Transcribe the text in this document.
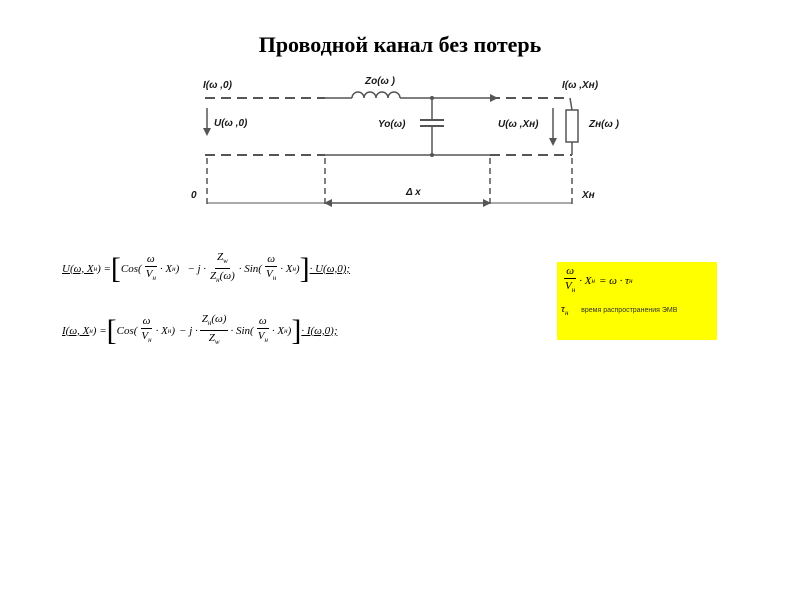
Проводной канал без потерь
I(ω ,0)
U(ω ,0)
Zo(ω )
Yo(ω)
I(ω ,Xн)
U(ω ,Xн)	Zн(ω )
0	Δ x	Xн
U(ω, X н ) = [ $Cos( \frac{\omega}{V_н} \cdot X$ н ) − $j \cdot \frac{Z_w}{Z_н(\omega)} \cdot Sin( \frac{\omega}{V_н} \cdot X$ н ) ] · U(ω,0);
I(ω, X н ) = [ $Cos( \frac{\omega}{V_н} \cdot X$ н ) − $j \cdot \frac{Z_н(\omega)}{Z_w} \cdot Sin( \frac{\omega}{V_н} \cdot X$ н ) ] · I(ω,0);
$\frac{\omega}{V_н} \cdot X$ н = ω · τ н
$\tau_н$ время распространения ЭМВ
